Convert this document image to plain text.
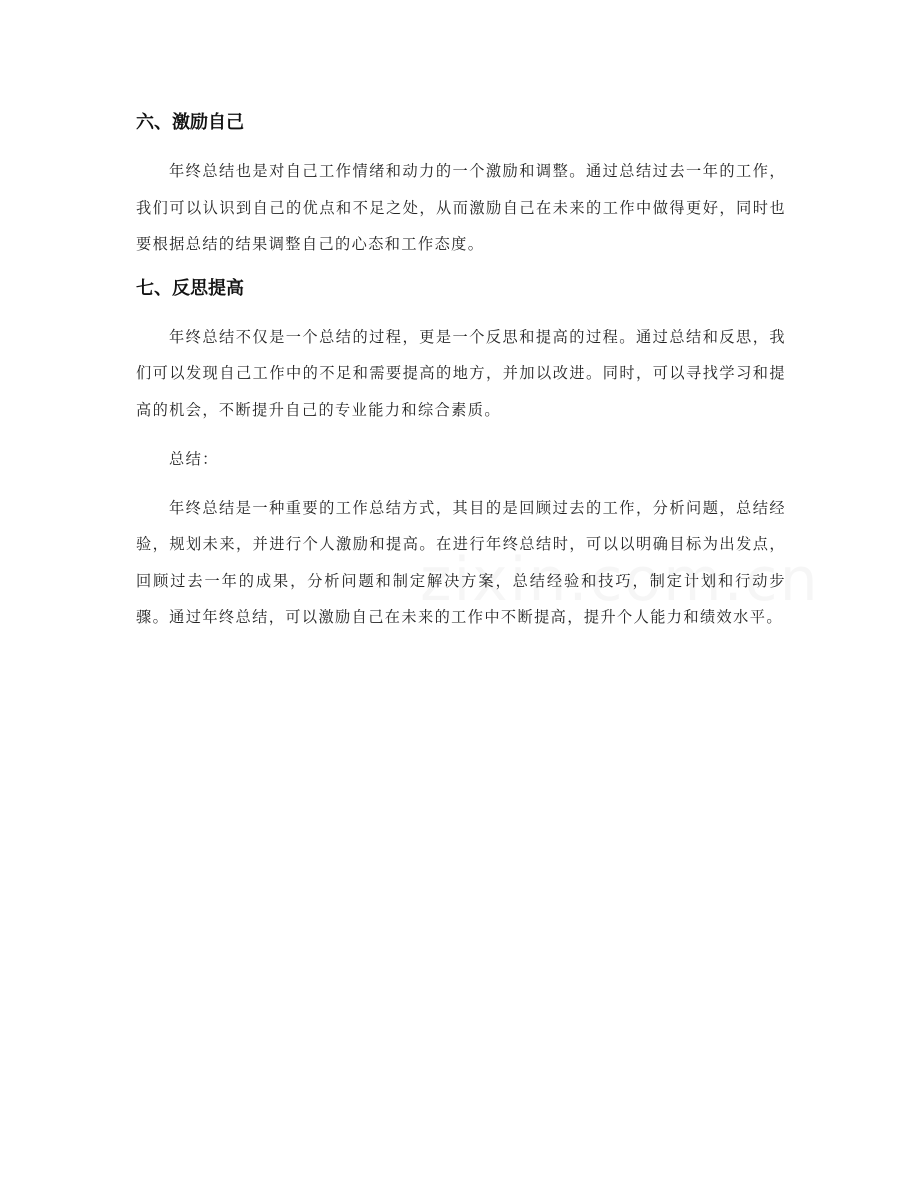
六、激励自己

年终总结也是对自己工作情绪和动力的一个激励和调整。通过总结过去一年的工作，我们可以认识到自己的优点和不足之处，从而激励自己在未来的工作中做得更好，同时也要根据总结的结果调整自己的心态和工作态度。

七、反思提高

年终总结不仅是一个总结的过程，更是一个反思和提高的过程。通过总结和反思，我们可以发现自己工作中的不足和需要提高的地方，并加以改进。同时，可以寻找学习和提高的机会，不断提升自己的专业能力和综合素质。

总结：

年终总结是一种重要的工作总结方式，其目的是回顾过去的工作，分析问题，总结经验，规划未来，并进行个人激励和提高。在进行年终总结时，可以以明确目标为出发点，回顾过去一年的成果，分析问题和制定解决方案，总结经验和技巧，制定计划和行动步骤。通过年终总结，可以激励自己在未来的工作中不断提高，提升个人能力和绩效水平。
